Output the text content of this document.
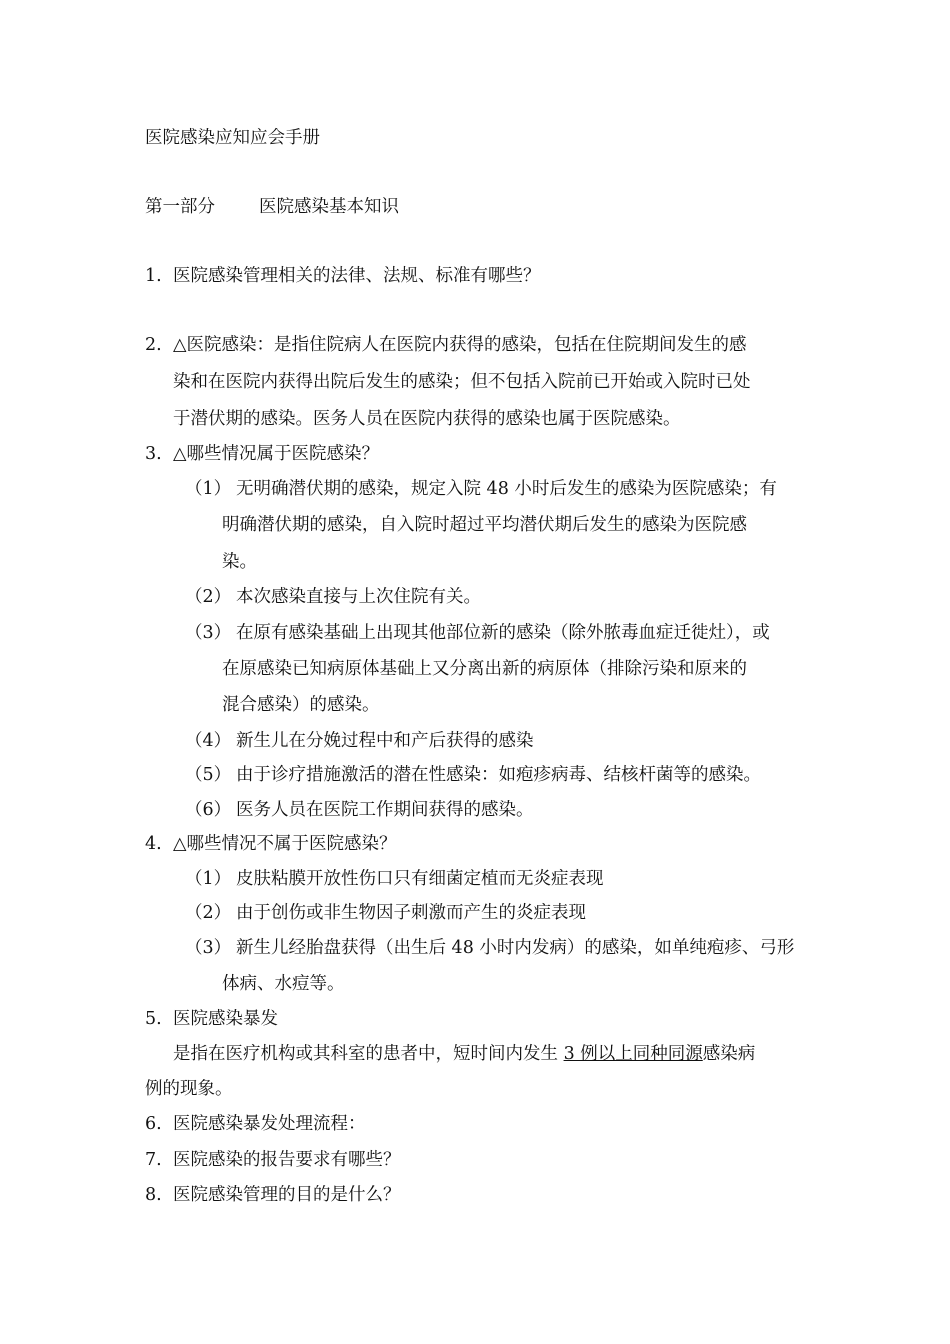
医院感染应知应会手册
第一部分	医院感染基本知识
1. 医院感染管理相关的法律、法规、标准有哪些？
2. △医院感染：是指住院病人在医院内获得的感染，包括在住院期间发生的感
染和在医院内获得出院后发生的感染；但不包括入院前已开始或入院时已处
于潜伏期的感染。医务人员在医院内获得的感染也属于医院感染。
3. △哪些情况属于医院感染？
（1） 无明确潜伏期的感染，规定入院 48 小时后发生的感染为医院感染；有
明确潜伏期的感染，自入院时超过平均潜伏期后发生的感染为医院感
染。
（2） 本次感染直接与上次住院有关。
（3） 在原有感染基础上出现其他部位新的感染（除外脓毒血症迁徙灶），或
在原感染已知病原体基础上又分离出新的病原体（排除污染和原来的
混合感染）的感染。
（4） 新生儿在分娩过程中和产后获得的感染
（5） 由于诊疗措施激活的潜在性感染：如疱疹病毒、结核杆菌等的感染。
（6） 医务人员在医院工作期间获得的感染。
4. △哪些情况不属于医院感染？
（1） 皮肤粘膜开放性伤口只有细菌定植而无炎症表现
（2） 由于创伤或非生物因子刺激而产生的炎症表现
（3） 新生儿经胎盘获得（出生后 48 小时内发病）的感染，如单纯疱疹、弓形
体病、水痘等。
5. 医院感染暴发
是指在医疗机构或其科室的患者中，短时间内发生 3 例以上同种同源感染病
例的现象。
6. 医院感染暴发处理流程：
7. 医院感染的报告要求有哪些？
8. 医院感染管理的目的是什么？
